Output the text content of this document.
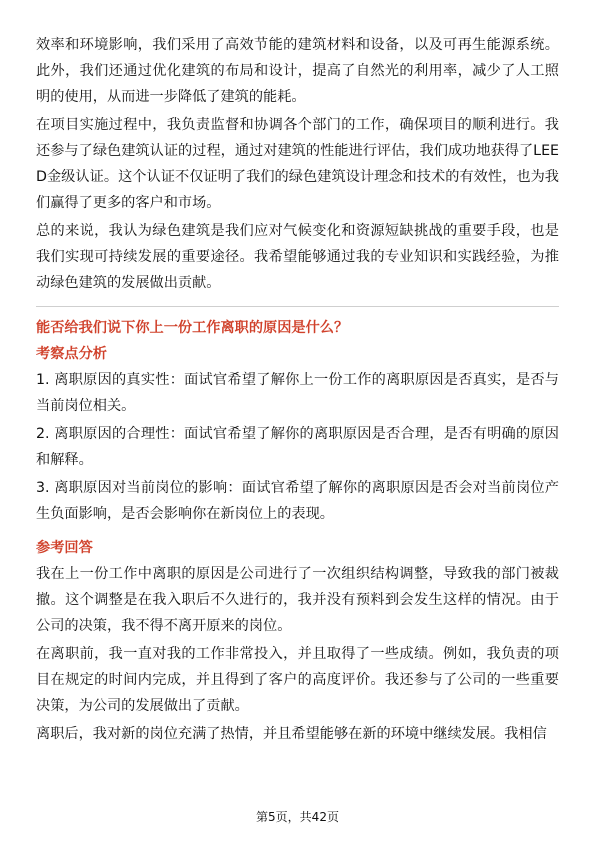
效率和环境影响，我们采用了高效节能的建筑材料和设备，以及可再生能源系统。此外，我们还通过优化建筑的布局和设计，提高了自然光的利用率，减少了人工照明的使用，从而进一步降低了建筑的能耗。

在项目实施过程中，我负责监督和协调各个部门的工作，确保项目的顺利进行。我还参与了绿色建筑认证的过程，通过对建筑的性能进行评估，我们成功地获得了LEED金级认证。这个认证不仅证明了我们的绿色建筑设计理念和技术的有效性，也为我们赢得了更多的客户和市场。

总的来说，我认为绿色建筑是我们应对气候变化和资源短缺挑战的重要手段，也是我们实现可持续发展的重要途径。我希望能够通过我的专业知识和实践经验，为推动绿色建筑的发展做出贡献。

能否给我们说下你上一份工作离职的原因是什么？

考察点分析

1. 离职原因的真实性：面试官希望了解你上一份工作的离职原因是否真实，是否与当前岗位相关。

2. 离职原因的合理性：面试官希望了解你的离职原因是否合理，是否有明确的原因和解释。

3. 离职原因对当前岗位的影响：面试官希望了解你的离职原因是否会对当前岗位产生负面影响，是否会影响你在新岗位上的表现。

参考回答

我在上一份工作中离职的原因是公司进行了一次组织结构调整，导致我的部门被裁撤。这个调整是在我入职后不久进行的，我并没有预料到会发生这样的情况。由于公司的决策，我不得不离开原来的岗位。

在离职前，我一直对我的工作非常投入，并且取得了一些成绩。例如，我负责的项目在规定的时间内完成，并且得到了客户的高度评价。我还参与了公司的一些重要决策，为公司的发展做出了贡献。

离职后，我对新的岗位充满了热情，并且希望能够在新的环境中继续发展。我相信

第5页，共42页
